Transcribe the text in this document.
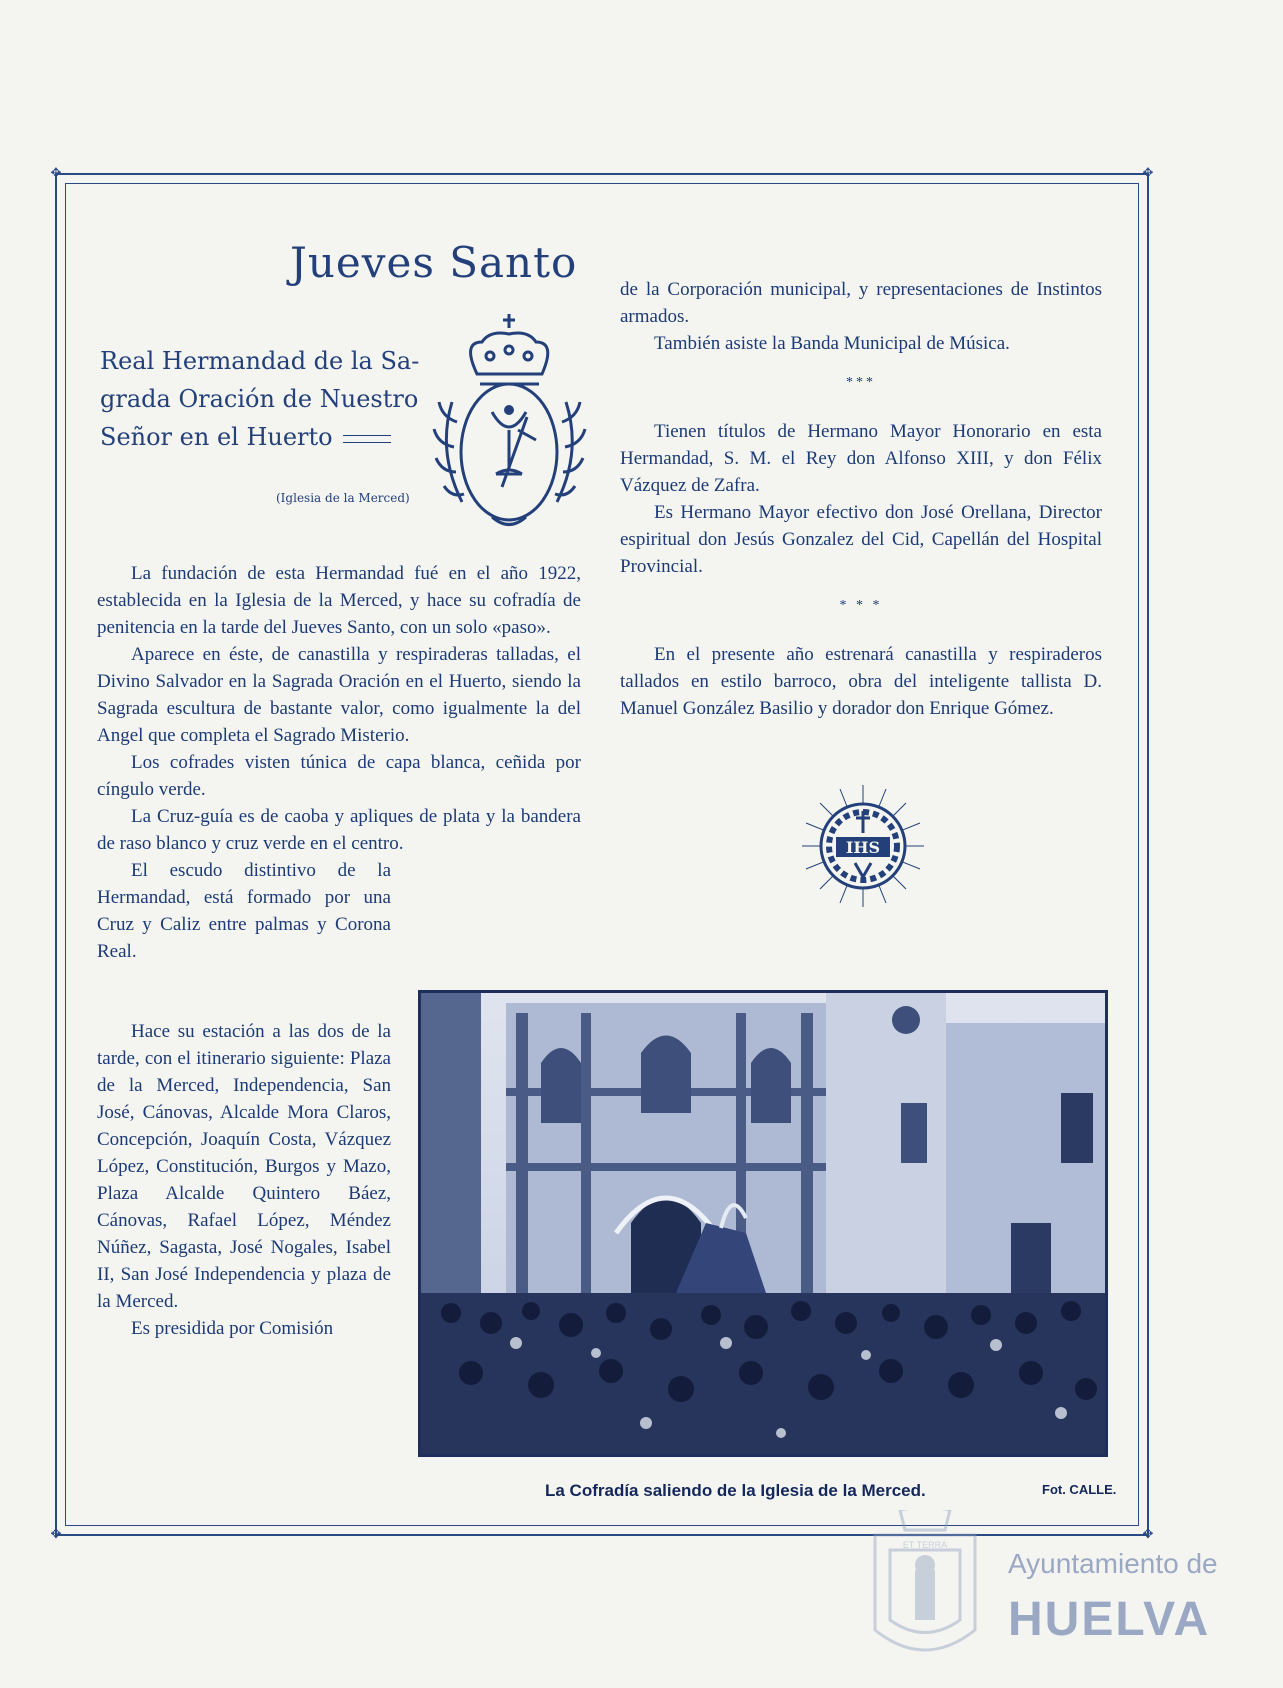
✥	✥
✥	✥
Jueves Santo
Real Hermandad de la Sa-
grada Oración de Nuestro
Señor en el Huerto
(Iglesia de la Merced)

La fundación de esta Hermandad fué en el año 1922, establecida en la Iglesia de la Merced, y hace su cofradía de penitencia en la tarde del Jueves Santo, con un solo «paso».

Aparece en éste, de canastilla y respiraderas talladas, el Divino Salvador en la Sagrada Oración en el Huerto, siendo la Sagrada escultura de bastante valor, como igualmente la del Angel que completa el Sagrado Misterio.

Los cofrades visten túnica de capa blanca, ceñida por cíngulo verde.

La Cruz-guía es de caoba y apliques de plata y la bandera de raso blanco y cruz verde en el centro.

El escudo distintivo de la Hermandad, está formado por una Cruz y Caliz entre palmas y Corona Real.

Hace su estación a las dos de la tarde, con el itinerario siguiente: Plaza de la Merced, Independencia, San José, Cánovas, Alcalde Mora Claros, Concepción, Joaquín Costa, Vázquez López, Constitución, Burgos y Mazo, Plaza Alcalde Quintero Báez, Cánovas, Rafael López, Méndez Núñez, Sagasta, José Nogales, Isabel II, San José Independencia y plaza de la Merced.

Es presidida por Comisión

de la Corporación municipal, y representaciones de Instintos armados.

También asiste la Banda Municipal de Música.

***

Tienen títulos de Hermano Mayor Honorario en esta Hermandad, S. M. el Rey don Alfonso XIII, y don Félix Vázquez de Zafra.

Es Hermano Mayor efectivo don José Orellana, Director espiritual don Jesús Gonzalez del Cid, Capellán del Hospital Provincial.

* * *

En el presente año estrenará canastilla y respiraderos tallados en estilo barroco, obra del inteligente tallista D. Manuel González Basilio y dorador don Enrique Gómez.

IHS
La Cofradía saliendo de la Iglesia de la Merced.	Fot. CALLE.
ET TERRA
Ayuntamiento de
HUELVA
